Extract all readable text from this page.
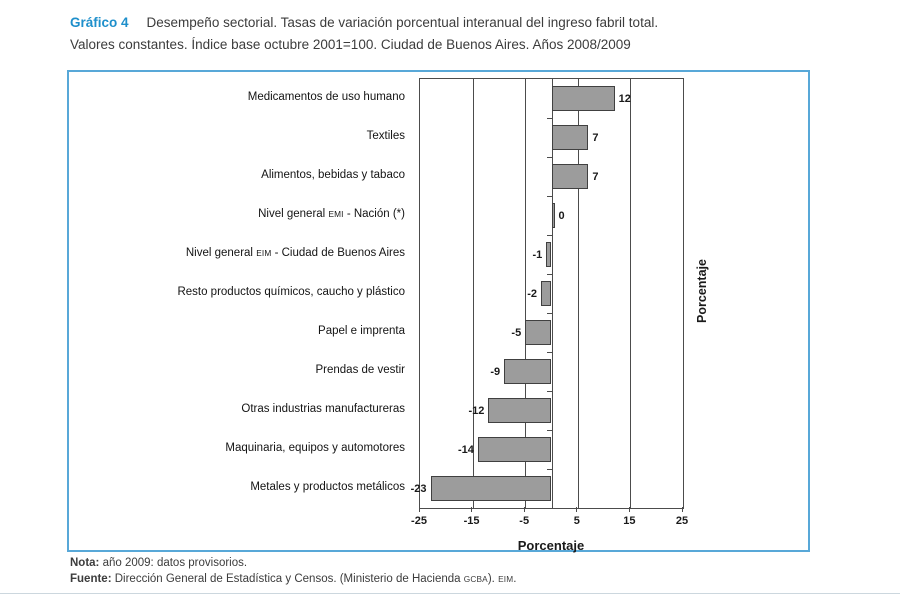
Gráfico 4 Desempeño sectorial. Tasas de variación porcentual interanual del ingreso fabril total.

Valores constantes. Índice base octubre 2001=100. Ciudad de Buenos Aires. Años 2008/2009

Medicamentos de uso humano
Textiles
Alimentos, bebidas y tabaco
Nivel general EMI - Nación (*)
Nivel general EIM - Ciudad de Buenos Aires
Resto productos químicos, caucho y plástico
Papel e imprenta
Prendas de vestir
Otras industrias manufactureras
Maquinaria, equipos y automotores
Metales y productos metálicos
12
7
7
0
-1
-2
-5
-9
-12
-14
-23
-25	-15	-5	5	15	25
Porcentaje
Porcentaje

Nota: año 2009: datos provisorios.

Fuente: Dirección General de Estadística y Censos. (Ministerio de Hacienda GCBA). EIM.
